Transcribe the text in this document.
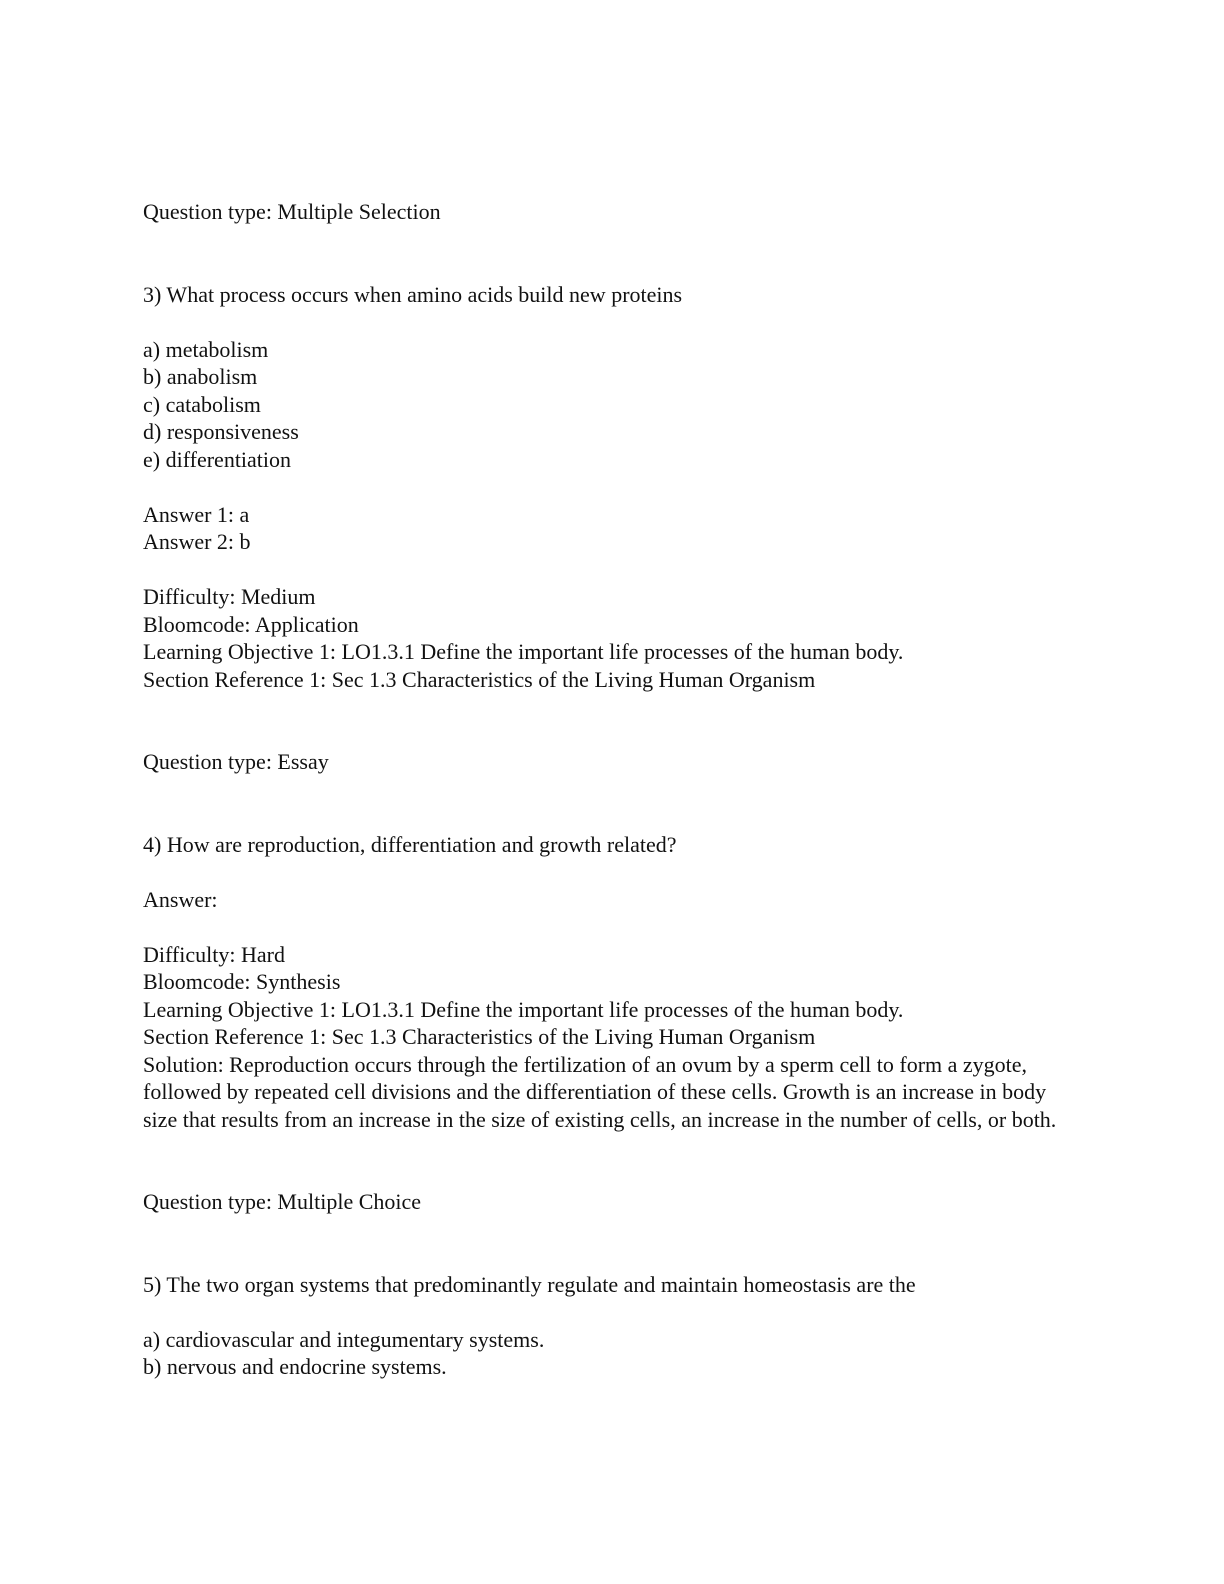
Question type: Multiple Selection
3) What process occurs when amino acids build new proteins
a) metabolism
b) anabolism
c) catabolism
d) responsiveness
e) differentiation
Answer 1: a
Answer 2: b
Difficulty: Medium
Bloomcode: Application
Learning Objective 1: LO1.3.1 Define the important life processes of the human body.
Section Reference 1: Sec 1.3 Characteristics of the Living Human Organism
Question type: Essay
4) How are reproduction, differentiation and growth related?
Answer:
Difficulty: Hard
Bloomcode: Synthesis
Learning Objective 1: LO1.3.1 Define the important life processes of the human body.
Section Reference 1: Sec 1.3 Characteristics of the Living Human Organism
Solution: Reproduction occurs through the fertilization of an ovum by a sperm cell to form a zygote, followed by repeated cell divisions and the differentiation of these cells. Growth is an increase in body size that results from an increase in the size of existing cells, an increase in the number of cells, or both.
Question type: Multiple Choice
5) The two organ systems that predominantly regulate and maintain homeostasis are the
a) cardiovascular and integumentary systems.
b) nervous and endocrine systems.
